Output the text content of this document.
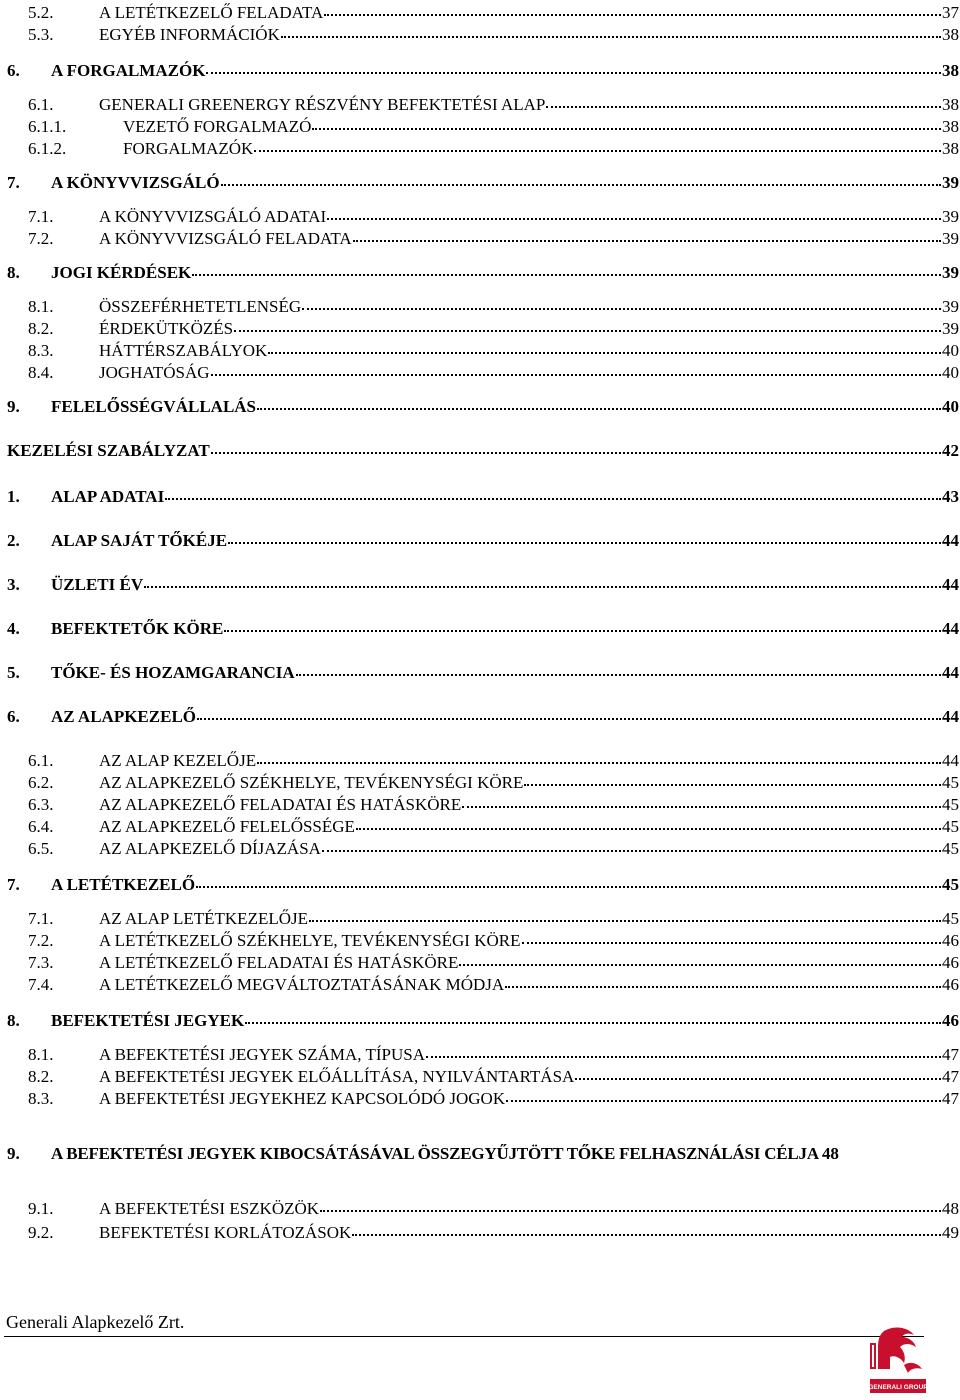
5.2.	A LETÉTKEZELŐ FELADATA	37
5.3.	EGYÉB INFORMÁCIÓK	38
6.	A FORGALMAZÓK	38
6.1.	GENERALI GREENERGY RÉSZVÉNY BEFEKTETÉSI ALAP	38
6.1.1.	VEZETŐ FORGALMAZÓ	38
6.1.2.	FORGALMAZÓK	38
7.	A KÖNYVVIZSGÁLÓ	39
7.1.	A KÖNYVVIZSGÁLÓ ADATAI	39
7.2.	A KÖNYVVIZSGÁLÓ FELADATA	39
8.	JOGI KÉRDÉSEK	39
8.1.	ÖSSZEFÉRHETETLENSÉG	39
8.2.	ÉRDEKÜTKÖZÉS	39
8.3.	HÁTTÉRSZABÁLYOK	40
8.4.	JOGHATÓSÁG	40
9.	FELELŐSSÉGVÁLLALÁS	40
KEZELÉSI SZABÁLYZAT	42
1.	ALAP ADATAI	43
2.	ALAP SAJÁT TŐKÉJE	44
3.	ÜZLETI ÉV	44
4.	BEFEKTETŐK KÖRE	44
5.	TŐKE- ÉS HOZAMGARANCIA	44
6.	AZ ALAPKEZELŐ	44
6.1.	AZ ALAP KEZELŐJE	44
6.2.	AZ ALAPKEZELŐ SZÉKHELYE, TEVÉKENYSÉGI KÖRE	45
6.3.	AZ ALAPKEZELŐ FELADATAI ÉS HATÁSKÖRE	45
6.4.	AZ ALAPKEZELŐ FELELŐSSÉGE	45
6.5.	AZ ALAPKEZELŐ DÍJAZÁSA	45
7.	A LETÉTKEZELŐ	45
7.1.	AZ ALAP LETÉTKEZELŐJE	45
7.2.	A LETÉTKEZELŐ SZÉKHELYE, TEVÉKENYSÉGI KÖRE	46
7.3.	A LETÉTKEZELŐ FELADATAI ÉS HATÁSKÖRE	46
7.4.	A LETÉTKEZELŐ MEGVÁLTOZTATÁSÁNAK MÓDJA	46
8.	BEFEKTETÉSI JEGYEK	46
8.1.	A BEFEKTETÉSI JEGYEK SZÁMA, TÍPUSA	47
8.2.	A BEFEKTETÉSI JEGYEK ELŐÁLLÍTÁSA, NYILVÁNTARTÁSA	47
8.3.	A BEFEKTETÉSI JEGYEKHEZ KAPCSOLÓDÓ JOGOK	47
9.	A BEFEKTETÉSI JEGYEK KIBOCSÁTÁSÁVAL ÖSSZEGYŰJTÖTT TŐKE FELHASZNÁLÁSI CÉLJA 48
9.1.	A BEFEKTETÉSI ESZKÖZÖK	48
9.2.	BEFEKTETÉSI KORLÁTOZÁSOK	49
Generali Alapkezelő Zrt.
GENERALI GROUP
